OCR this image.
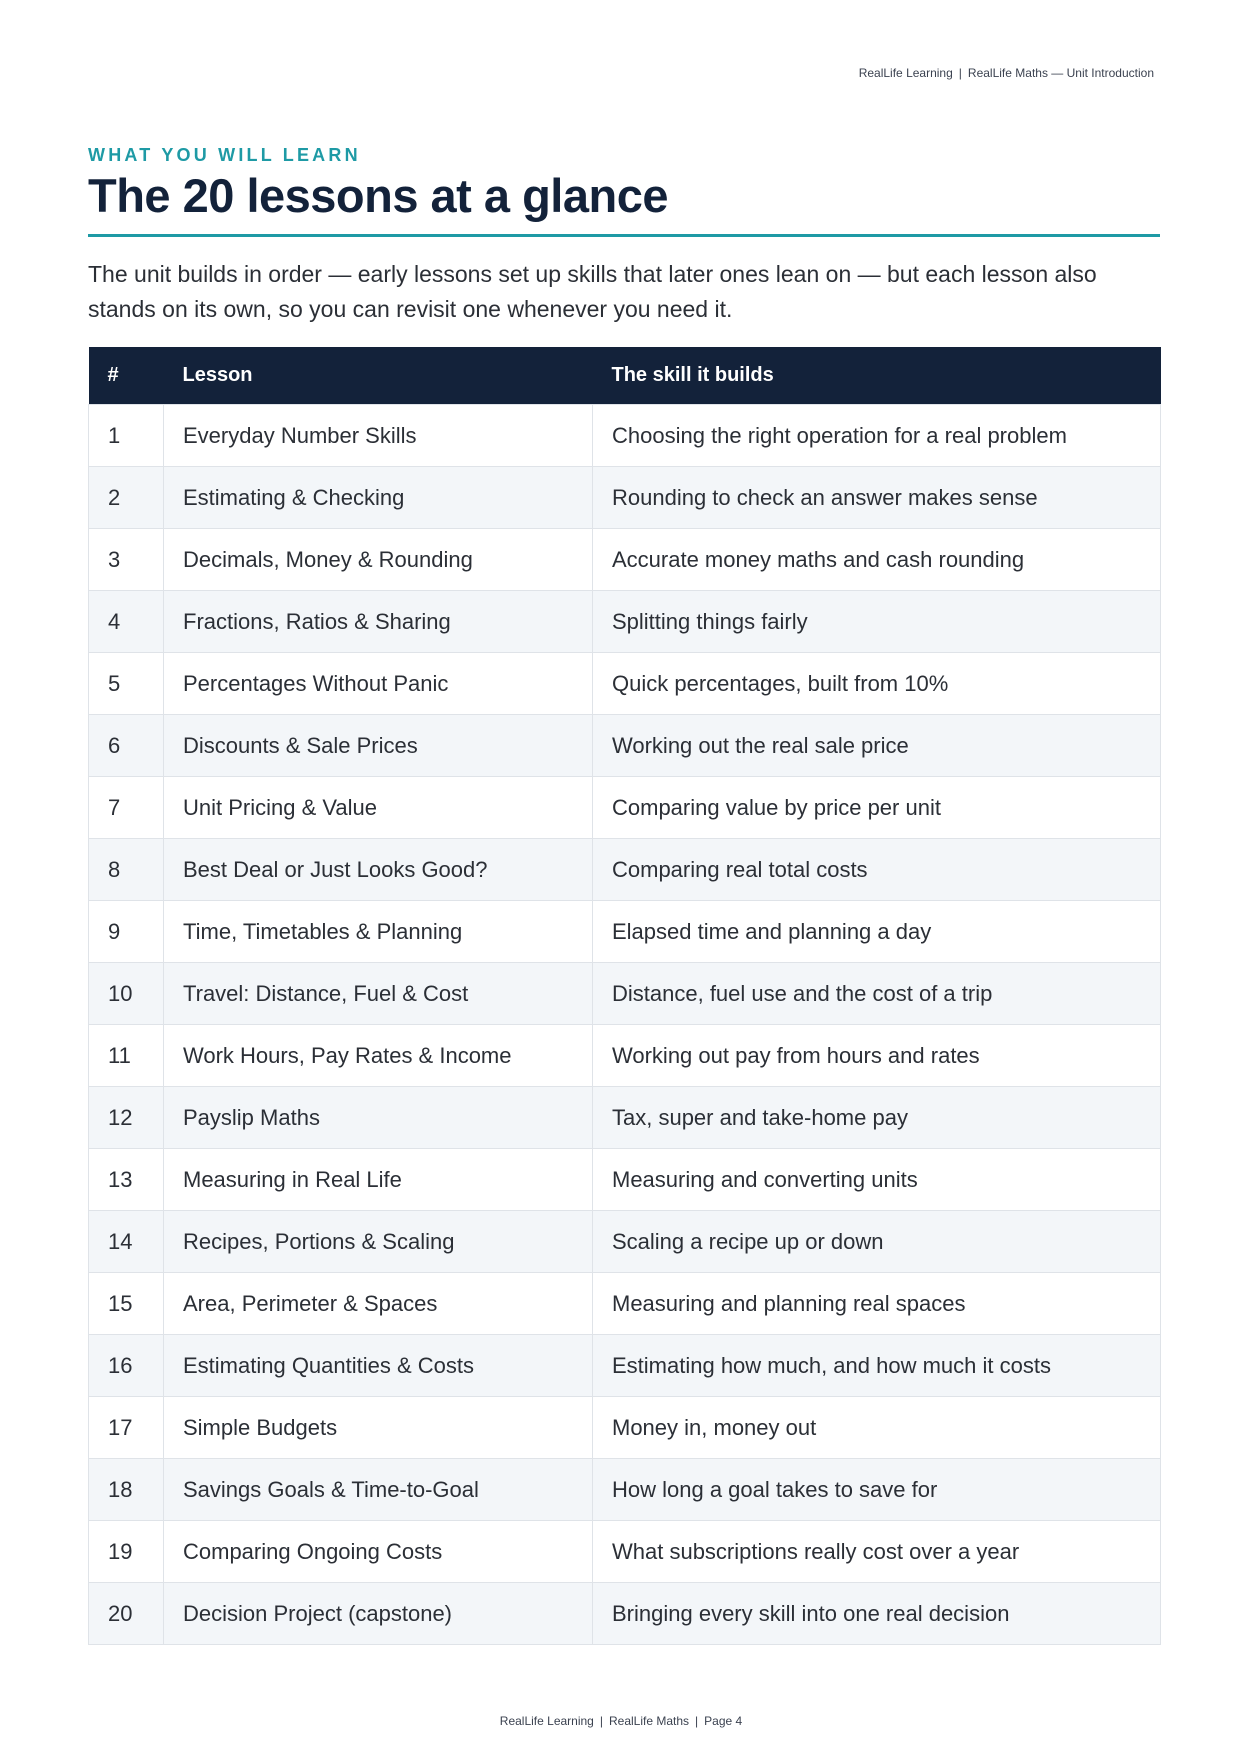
RealLife Learning | RealLife Maths — Unit Introduction
WHAT YOU WILL LEARN
The 20 lessons at a glance

The unit builds in order — early lessons set up skills that later ones lean on — but each lesson also stands on its own, so you can revisit one whenever you need it.

#	Lesson	The skill it builds
1	Everyday Number Skills	Choosing the right operation for a real problem
2	Estimating & Checking	Rounding to check an answer makes sense
3	Decimals, Money & Rounding	Accurate money maths and cash rounding
4	Fractions, Ratios & Sharing	Splitting things fairly
5	Percentages Without Panic	Quick percentages, built from 10%
6	Discounts & Sale Prices	Working out the real sale price
7	Unit Pricing & Value	Comparing value by price per unit
8	Best Deal or Just Looks Good?	Comparing real total costs
9	Time, Timetables & Planning	Elapsed time and planning a day
10	Travel: Distance, Fuel & Cost	Distance, fuel use and the cost of a trip
11	Work Hours, Pay Rates & Income	Working out pay from hours and rates
12	Payslip Maths	Tax, super and take-home pay
13	Measuring in Real Life	Measuring and converting units
14	Recipes, Portions & Scaling	Scaling a recipe up or down
15	Area, Perimeter & Spaces	Measuring and planning real spaces
16	Estimating Quantities & Costs	Estimating how much, and how much it costs
17	Simple Budgets	Money in, money out
18	Savings Goals & Time-to-Goal	How long a goal takes to save for
19	Comparing Ongoing Costs	What subscriptions really cost over a year
20	Decision Project (capstone)	Bringing every skill into one real decision
RealLife Learning | RealLife Maths | Page 4
